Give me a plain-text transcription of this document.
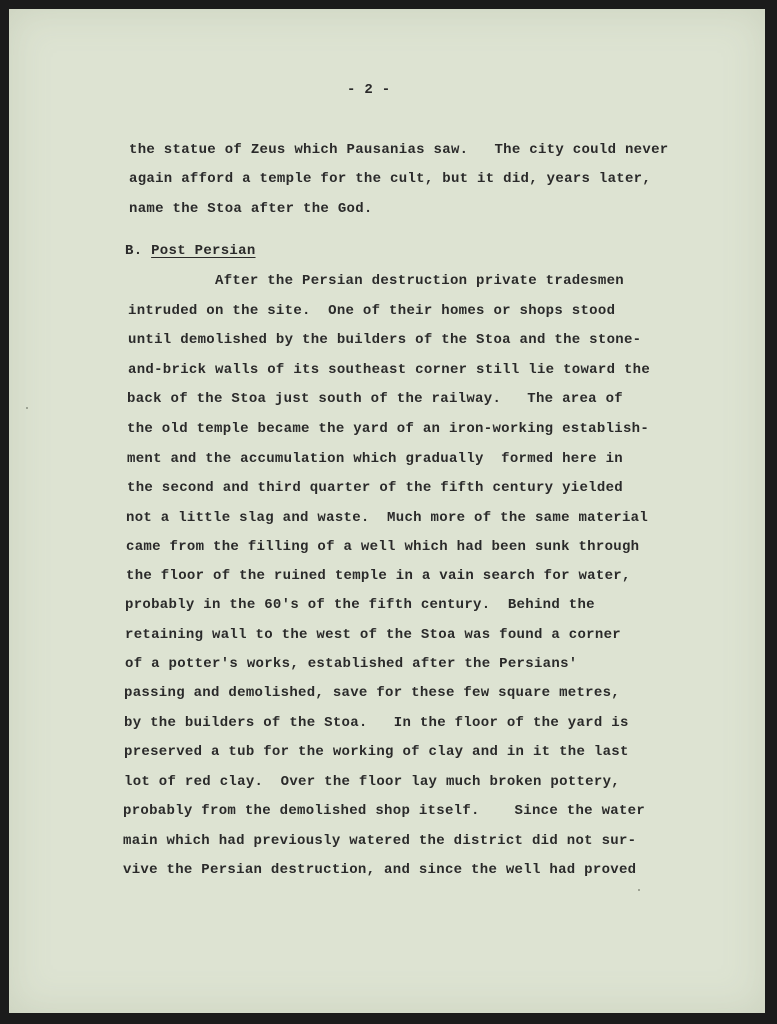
- 2 -
the statue of Zeus which Pausanias saw.   The city could never
again afford a temple for the cult, but it did, years later,
name the Stoa after the God.
B. Post Persian
After the Persian destruction private tradesmen
intruded on the site.  One of their homes or shops stood
until demolished by the builders of the Stoa and the stone-
and-brick walls of its southeast corner still lie toward the
back of the Stoa just south of the railway.   The area of
the old temple became the yard of an iron-working establish-
ment and the accumulation which gradually  formed here in
the second and third quarter of the fifth century yielded
not a little slag and waste.  Much more of the same material
came from the filling of a well which had been sunk through
the floor of the ruined temple in a vain search for water,
probably in the 60's of the fifth century.  Behind the
retaining wall to the west of the Stoa was found a corner
of a potter's works, established after the Persians'
passing and demolished, save for these few square metres,
by the builders of the Stoa.   In the floor of the yard is
preserved a tub for the working of clay and in it the last
lot of red clay.  Over the floor lay much broken pottery,
probably from the demolished shop itself.    Since the water
main which had previously watered the district did not sur-
vive the Persian destruction, and since the well had proved
